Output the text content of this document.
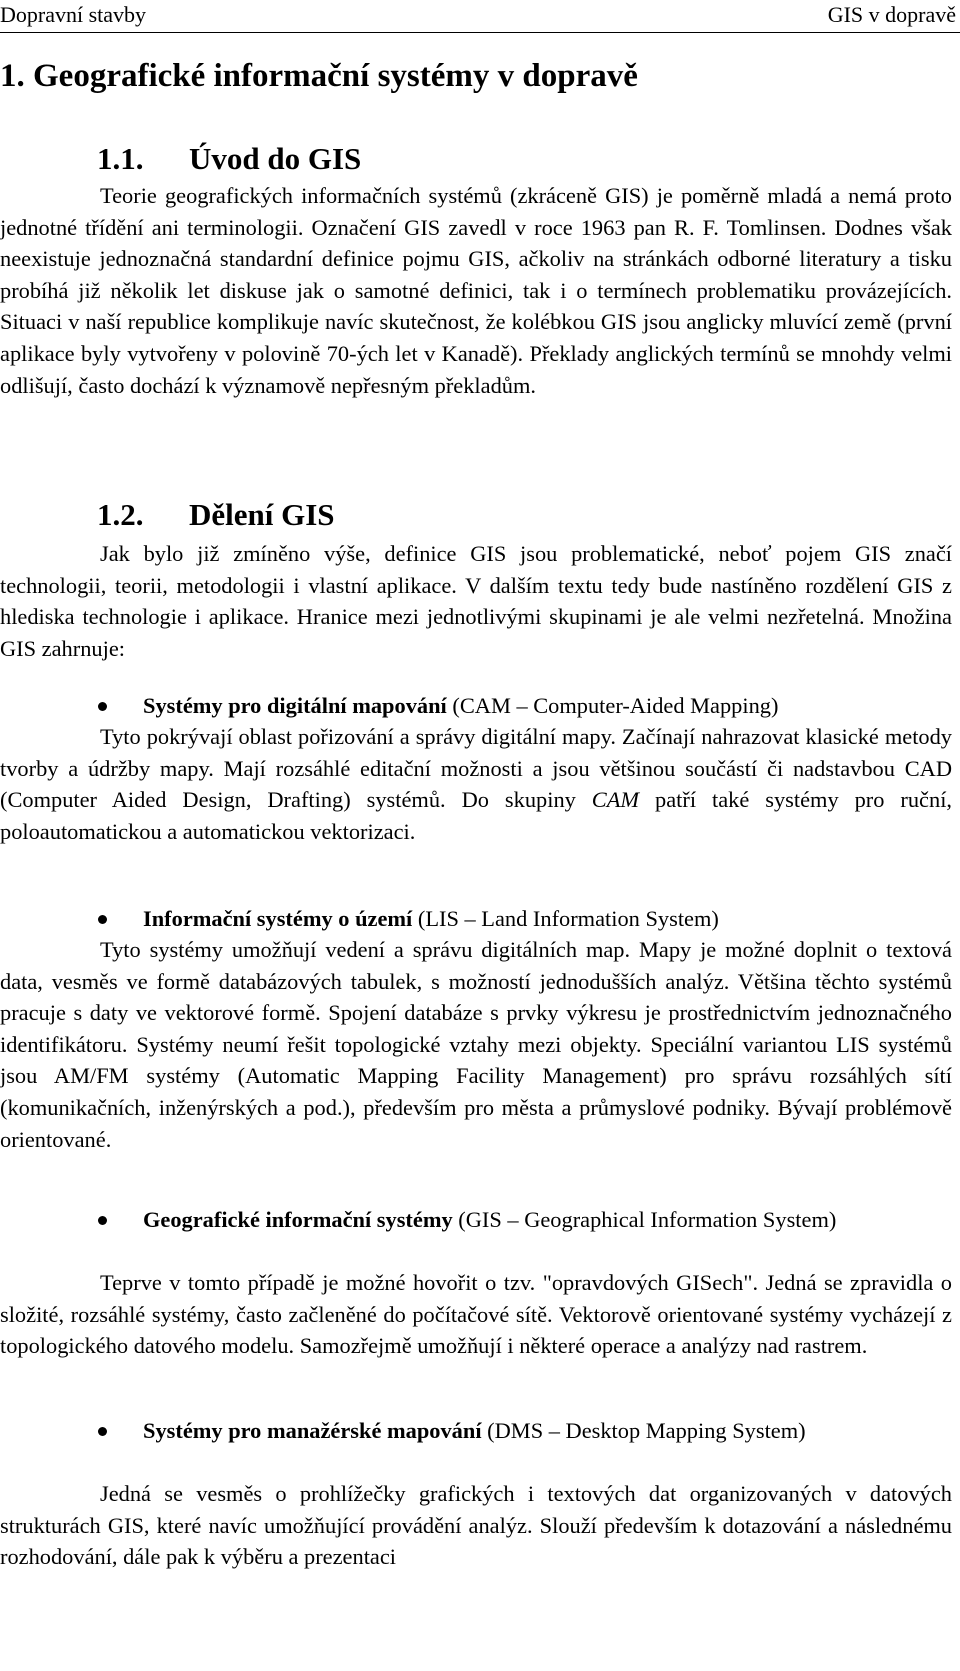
Dopravní stavby	GIS v dopravě
1. Geografické informační systémy v dopravě
1.1. Úvod do GIS

Teorie geografických informačních systémů (zkráceně GIS) je poměrně mladá a nemá proto jednotné třídění ani terminologii. Označení GIS zavedl v roce 1963 pan R. F. Tomlinsen. Dodnes však neexistuje jednoznačná standardní definice pojmu GIS, ačkoliv na stránkách odborné literatury a tisku probíhá již několik let diskuse jak o samotné definici, tak i o termínech problematiku provázejících. Situaci v naší republice komplikuje navíc skutečnost, že kolébkou GIS jsou anglicky mluvící země (první aplikace byly vytvořeny v polovině 70-ých let v Kanadě). Překlady anglických termínů se mnohdy velmi odlišují, často dochází k významově nepřesným překladům.

1.2. Dělení GIS

Jak bylo již zmíněno výše, definice GIS jsou problematické, neboť pojem GIS značí technologii, teorii, metodologii i vlastní aplikace. V dalším textu tedy bude nastíněno rozdělení GIS z hlediska technologie i aplikace. Hranice mezi jednotlivými skupinami je ale velmi nezřetelná. Množina GIS zahrnuje:

Systémy pro digitální mapování (CAM – Computer-Aided Mapping)

Tyto pokrývají oblast pořizování a správy digitální mapy. Začínají nahrazovat klasické metody tvorby a údržby mapy. Mají rozsáhlé editační možnosti a jsou většinou součástí či nadstavbou CAD (Computer Aided Design, Drafting) systémů. Do skupiny CAM patří také systémy pro ruční, poloautomatickou a automatickou vektorizaci.

Informační systémy o území (LIS – Land Information System)

Tyto systémy umožňují vedení a správu digitálních map. Mapy je možné doplnit o textová data, vesměs ve formě databázových tabulek, s možností jednodušších analýz. Většina těchto systémů pracuje s daty ve vektorové formě. Spojení databáze s prvky výkresu je prostřednictvím jednoznačného identifikátoru. Systémy neumí řešit topologické vztahy mezi objekty. Speciální variantou LIS systémů jsou AM/FM systémy (Automatic Mapping Facility Management) pro správu rozsáhlých sítí (komunikačních, inženýrských a pod.), především pro města a průmyslové podniky. Bývají problémově orientované.

Geografické informační systémy (GIS – Geographical Information System)

Teprve v tomto případě je možné hovořit o tzv. "opravdových GISech". Jedná se zpravidla o složité, rozsáhlé systémy, často začleněné do počítačové sítě. Vektorově orientované systémy vycházejí z topologického datového modelu. Samozřejmě umožňují i některé operace a analýzy nad rastrem.

Systémy pro manažérské mapování (DMS – Desktop Mapping System)

Jedná se vesměs o prohlížečky grafických i textových dat organizovaných v datových strukturách GIS, které navíc umožňující provádění analýz. Slouží především k dotazování a následnému rozhodování, dále pak k výběru a prezentaci
